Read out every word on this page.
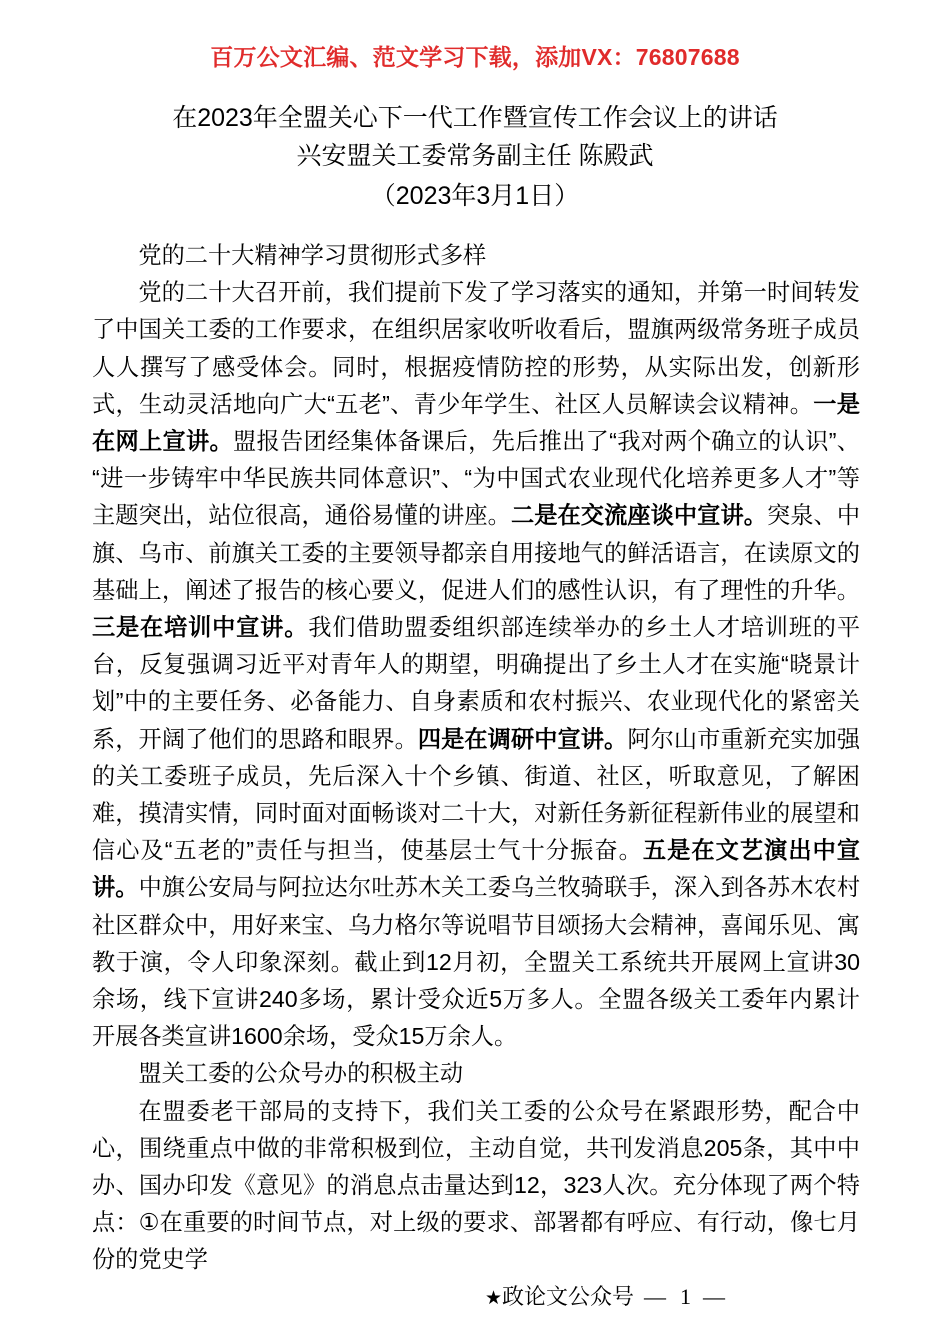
百万公文汇编、范文学习下载，添加VX：76807688
在2023年全盟关心下一代工作暨宣传工作会议上的讲话
兴安盟关工委常务副主任 陈殿武
（2023年3月1日）

党的二十大精神学习贯彻形式多样

党的二十大召开前，我们提前下发了学习落实的通知，并第一时间转发了中国关工委的工作要求，在组织居家收听收看后，盟旗两级常务班子成员人人撰写了感受体会。同时，根据疫情防控的形势，从实际出发，创新形式，生动灵活地向广大“五老”、青少年学生、社区人员解读会议精神。一是在网上宣讲。盟报告团经集体备课后，先后推出了“我对两个确立的认识”、“进一步铸牢中华民族共同体意识”、“为中国式农业现代化培养更多人才”等主题突出，站位很高，通俗易懂的讲座。二是在交流座谈中宣讲。突泉、中旗、乌市、前旗关工委的主要领导都亲自用接地气的鲜活语言，在读原文的基础上，阐述了报告的核心要义，促进人们的感性认识，有了理性的升华。三是在培训中宣讲。我们借助盟委组织部连续举办的乡土人才培训班的平台，反复强调习近平对青年人的期望，明确提出了乡土人才在实施“晓景计划”中的主要任务、必备能力、自身素质和农村振兴、农业现代化的紧密关系，开阔了他们的思路和眼界。四是在调研中宣讲。阿尔山市重新充实加强的关工委班子成员，先后深入十个乡镇、街道、社区，听取意见，了解困难，摸清实情，同时面对面畅谈对二十大，对新任务新征程新伟业的展望和信心及“五老的”责任与担当，使基层士气十分振奋。五是在文艺演出中宣讲。中旗公安局与阿拉达尔吐苏木关工委乌兰牧骑联手，深入到各苏木农村社区群众中，用好来宝、乌力格尔等说唱节目颂扬大会精神，喜闻乐见、寓教于演，令人印象深刻。截止到12月初，全盟关工系统共开展网上宣讲30余场，线下宣讲240多场，累计受众近5万多人。全盟各级关工委年内累计开展各类宣讲1600余场，受众15万余人。

盟关工委的公众号办的积极主动

在盟委老干部局的支持下，我们关工委的公众号在紧跟形势，配合中心，围绕重点中做的非常积极到位，主动自觉，共刊发消息205条，其中中办、国办印发《意见》的消息点击量达到12，323人次。充分体现了两个特点：①在重要的时间节点，对上级的要求、部署都有呼应、有行动，像七月份的党史学

★政论文公众号 — 1 —
